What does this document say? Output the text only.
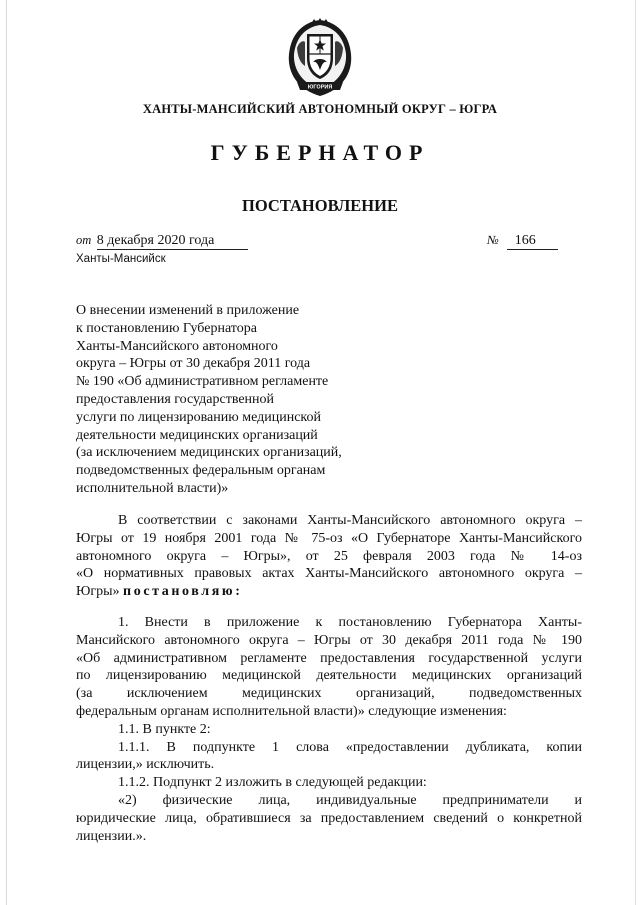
ЮГОРИЯ
ХАНТЫ-МАНСИЙСКИЙ АВТОНОМНЫЙ ОКРУГ – ЮГРА
ГУБЕРНАТОР
ПОСТАНОВЛЕНИЕ
от 8 декабря 2020 года	№ 166
Ханты-Мансийск
О внесении изменений в приложение
к постановлению Губернатора
Ханты-Мансийского автономного
округа – Югры от 30 декабря 2011 года
№ 190 «Об административном регламенте
предоставления государственной
услуги по лицензированию медицинской
деятельности медицинских организаций
(за исключением медицинских организаций,
подведомственных федеральным органам
исполнительной власти)»
В соответствии с законами Ханты-Мансийского автономного округа –
Югры от 19 ноября 2001 года № 75-оз «О Губернаторе Ханты-Мансийского
автономного округа – Югры», от 25 февраля 2003 года № 14-оз
«О нормативных правовых актах Ханты-Мансийского автономного округа –
Югры» постановляю:
1. Внести в приложение к постановлению Губернатора Ханты-
Мансийского автономного округа – Югры от 30 декабря 2011 года № 190
«Об административном регламенте предоставления государственной услуги
по лицензированию медицинской деятельности медицинских организаций
(за исключением медицинских организаций, подведомственных
федеральным органам исполнительной власти)» следующие изменения:
1.1. В пункте 2:
1.1.1. В подпункте 1 слова «предоставлении дубликата, копии
лицензии,» исключить.
1.1.2. Подпункт 2 изложить в следующей редакции:
«2) физические лица, индивидуальные предприниматели и
юридические лица, обратившиеся за предоставлением сведений о конкретной
лицензии.».
